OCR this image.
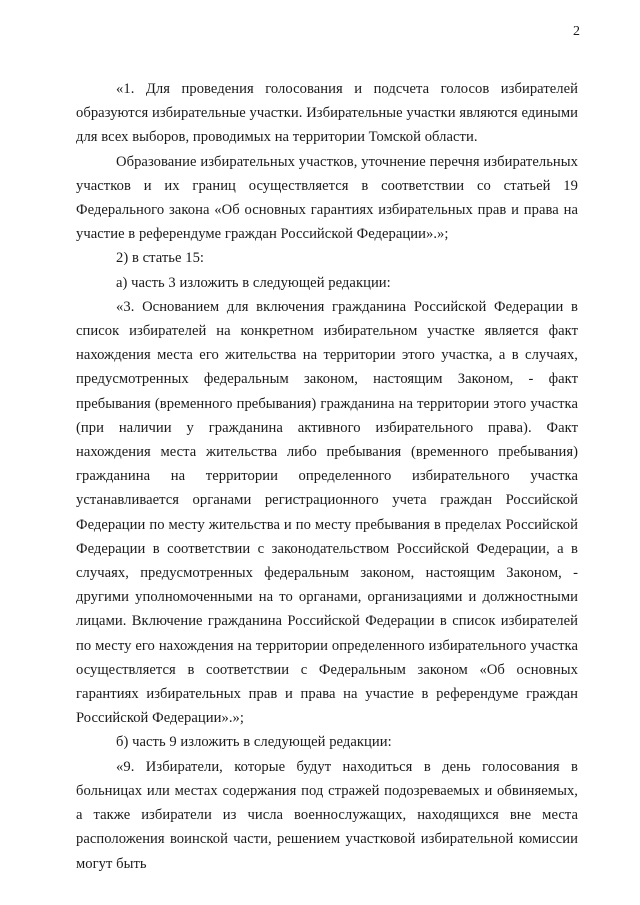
2

«1. Для проведения голосования и подсчета голосов избирателей образуются избирательные участки. Избирательные участки являются едиными для всех выборов, проводимых на территории Томской области.

Образование избирательных участков, уточнение перечня избирательных участков и их границ осуществляется в соответствии со статьей 19 Федерального закона «Об основных гарантиях избирательных прав и права на участие в референдуме граждан Российской Федерации».»;

2) в статье 15:

а) часть 3 изложить в следующей редакции:

«3. Основанием для включения гражданина Российской Федерации в список избирателей на конкретном избирательном участке является факт нахождения места его жительства на территории этого участка, а в случаях, предусмотренных федеральным законом, настоящим Законом, - факт пребывания (временного пребывания) гражданина на территории этого участка (при наличии у гражданина активного избирательного права). Факт нахождения места жительства либо пребывания (временного пребывания) гражданина на территории определенного избирательного участка устанавливается органами регистрационного учета граждан Российской Федерации по месту жительства и по месту пребывания в пределах Российской Федерации в соответствии с законодательством Российской Федерации, а в случаях, предусмотренных федеральным законом, настоящим Законом, - другими уполномоченными на то органами, организациями и должностными лицами. Включение гражданина Российской Федерации в список избирателей по месту его нахождения на территории определенного избирательного участка осуществляется в соответствии с Федеральным законом «Об основных гарантиях избирательных прав и права на участие в референдуме граждан Российской Федерации».»;

б) часть 9 изложить в следующей редакции:

«9. Избиратели, которые будут находиться в день голосования в больницах или местах содержания под стражей подозреваемых и обвиняемых, а также избиратели из числа военнослужащих, находящихся вне места расположения воинской части, решением участковой избирательной комиссии могут быть
